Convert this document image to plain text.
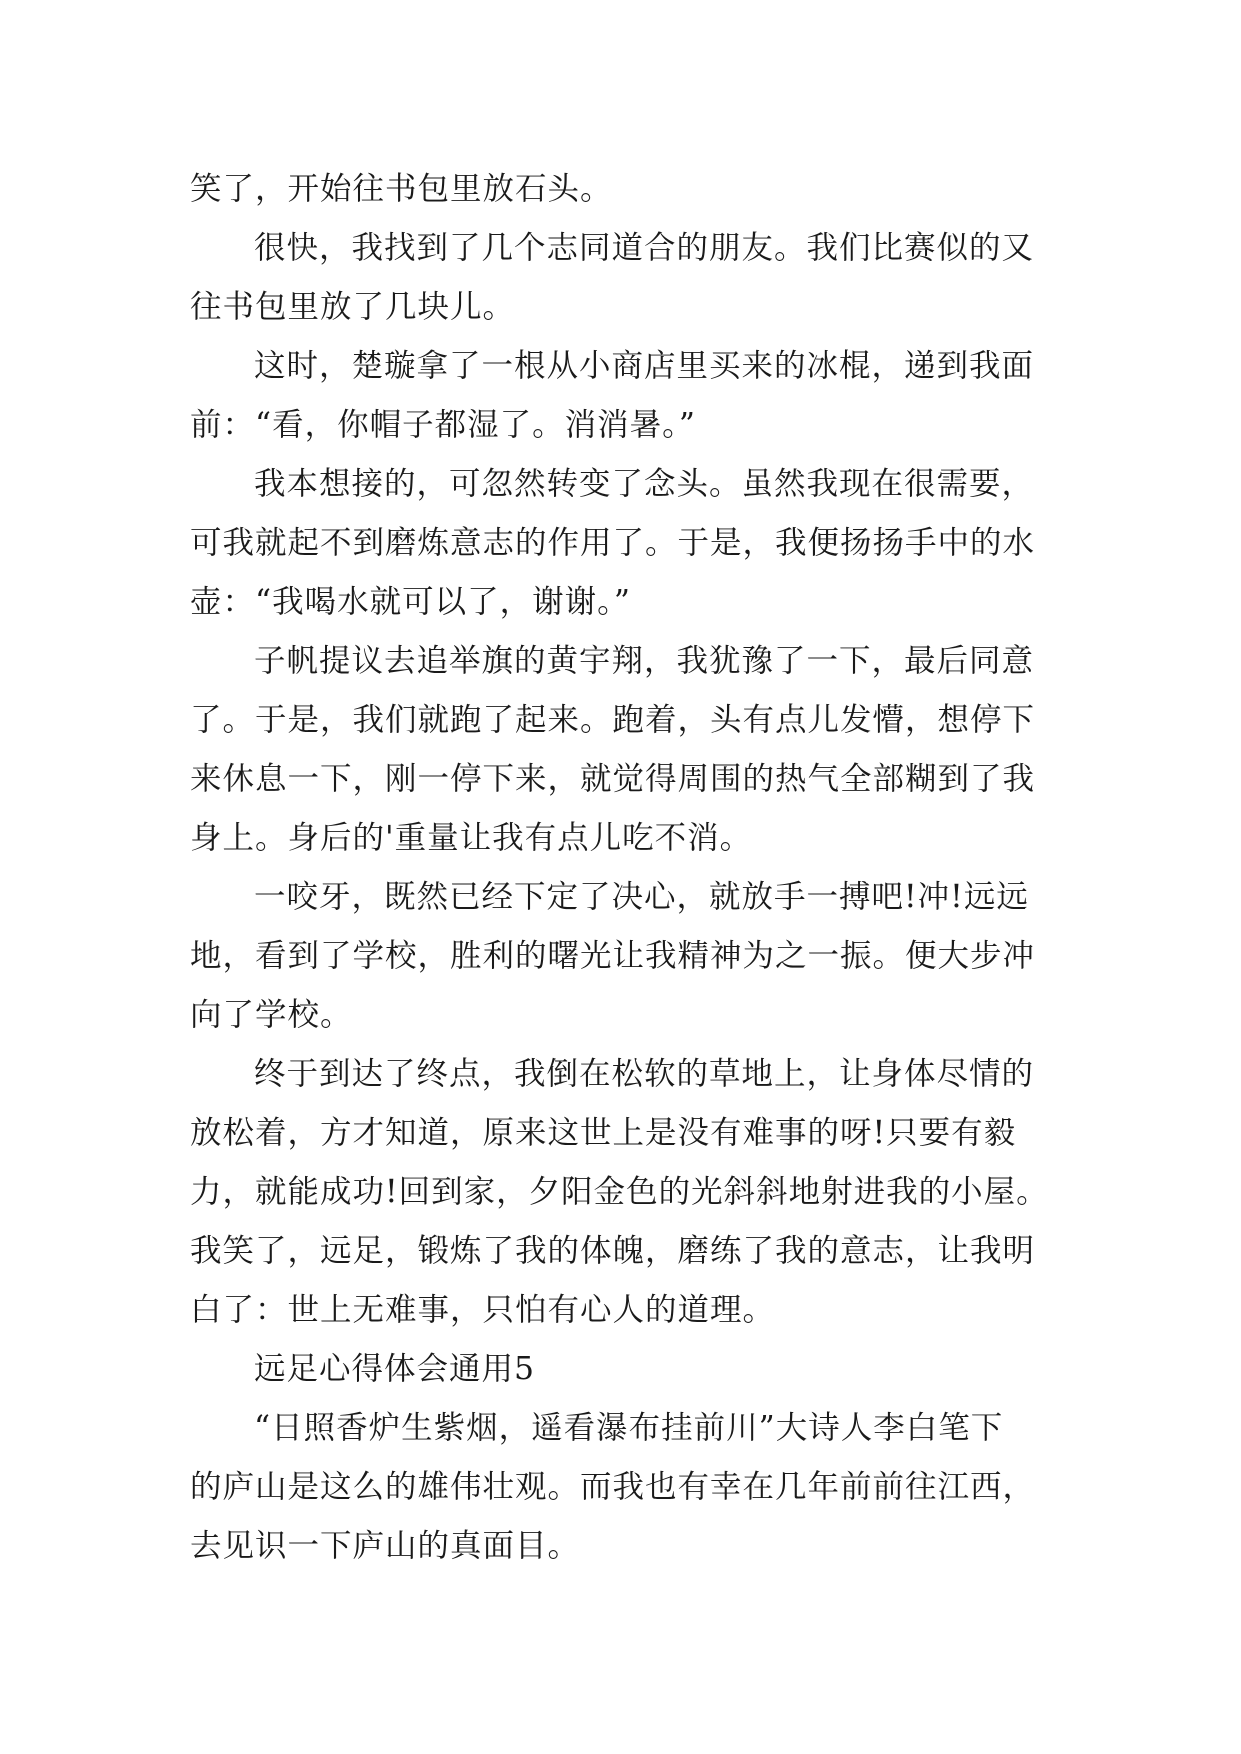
笑了，开始往书包里放石头。
很快，我找到了几个志同道合的朋友。我们比赛似的又
往书包里放了几块儿。
这时，楚璇拿了一根从小商店里买来的冰棍，递到我面
前：“看，你帽子都湿了。消消暑。”
我本想接的，可忽然转变了念头。虽然我现在很需要，
可我就起不到磨炼意志的作用了。于是，我便扬扬手中的水
壶：“我喝水就可以了，谢谢。”
子帆提议去追举旗的黄宇翔，我犹豫了一下，最后同意
了。于是，我们就跑了起来。跑着，头有点儿发懵，想停下
来休息一下，刚一停下来，就觉得周围的热气全部糊到了我
身上。身后的'重量让我有点儿吃不消。
一咬牙，既然已经下定了决心，就放手一搏吧!冲!远远
地，看到了学校，胜利的曙光让我精神为之一振。便大步冲
向了学校。
终于到达了终点，我倒在松软的草地上，让身体尽情的
放松着，方才知道，原来这世上是没有难事的呀!只要有毅
力，就能成功!回到家，夕阳金色的光斜斜地射进我的小屋。
我笑了，远足，锻炼了我的体魄，磨练了我的意志，让我明
白了：世上无难事，只怕有心人的道理。
远足心得体会通用5
“日照香炉生紫烟，遥看瀑布挂前川”大诗人李白笔下
的庐山是这么的雄伟壮观。而我也有幸在几年前前往江西，
去见识一下庐山的真面目。
